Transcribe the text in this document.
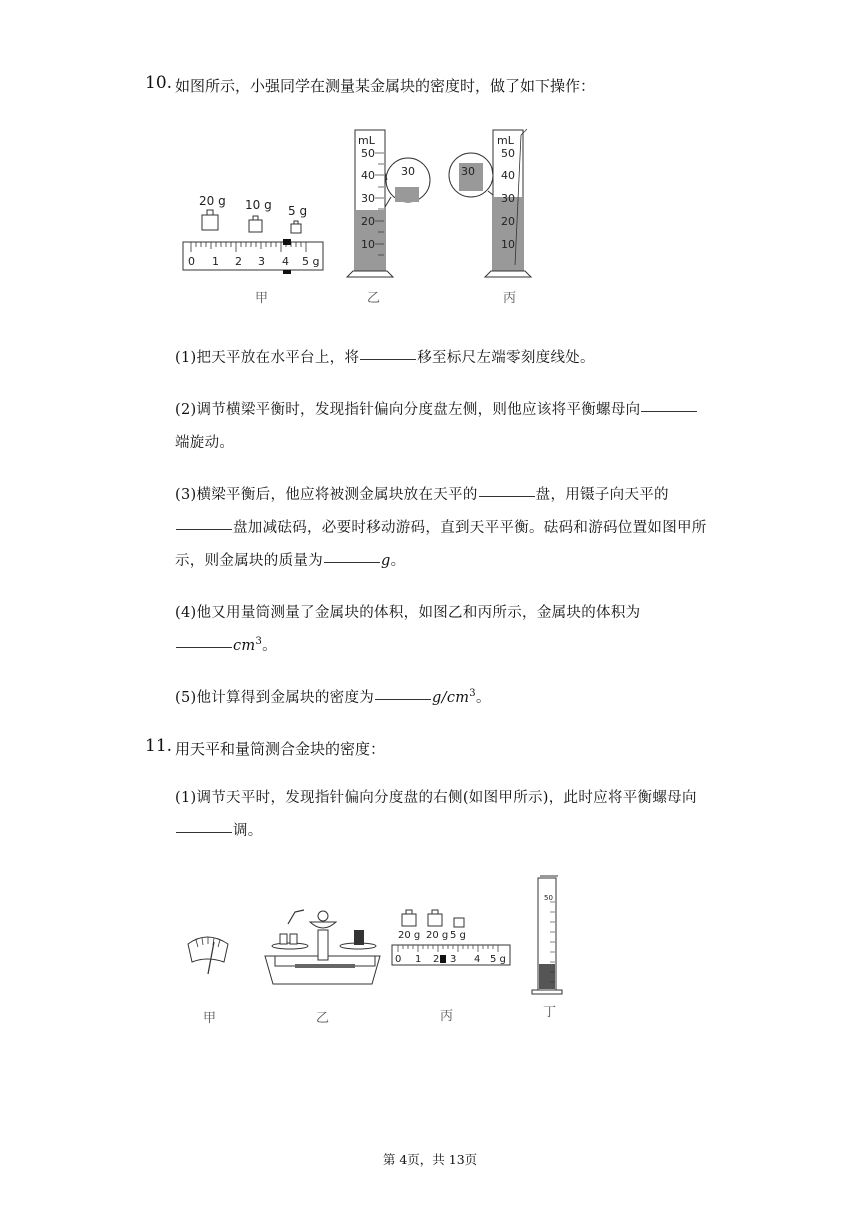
10. 如图所示，小强同学在测量某金属块的密度时，做了如下操作：
20 g 10 g 5 g
0 1 2 3 4 5 g
mL
50
40
30
20
10
30
mL
50
40
30
20
10
30
甲	乙	丙
(1)把天平放在水平台上，将	移至标尺左端零刻度线处。
(2)调节横梁平衡时，发现指针偏向分度盘左侧，则他应该将平衡螺母向
端旋动。
(3)横梁平衡后，他应将被测金属块放在天平的	盘，用镊子向天平的
盘加减砝码，必要时移动游码，直到天平平衡。砝码和游码位置如图甲所
示，则金属块的质量为	g。
(4)他又用量筒测量了金属块的体积，如图乙和丙所示，金属块的体积为
$cm^3$。
(5)他计算得到金属块的密度为	$g/cm^3$。
11. 用天平和量筒测合金块的密度：
(1)调节天平时，发现指针偏向分度盘的右侧(如图甲所示)，此时应将平衡螺母向
调。
20 g 20 g 5 g
0 1 2 3 4 5 g
50
甲	乙	丙	丁
第 4页，共 13页
